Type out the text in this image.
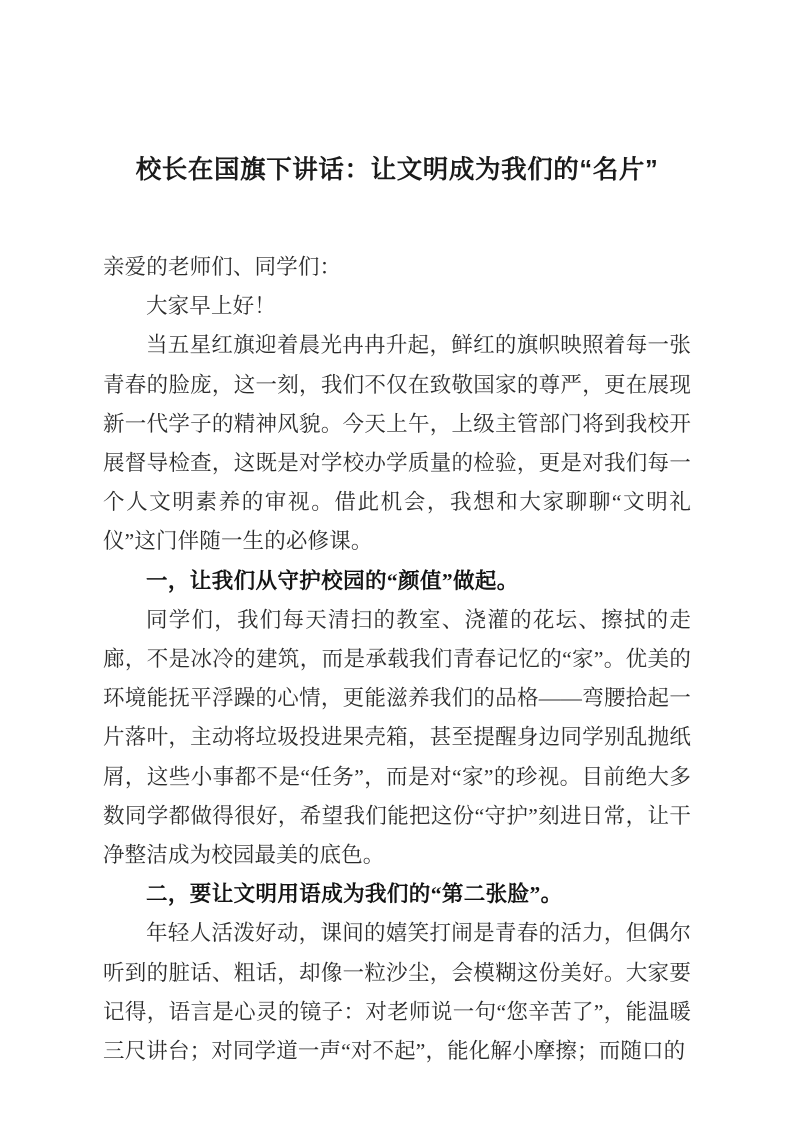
校长在国旗下讲话：让文明成为我们的“名片”

亲爱的老师们、同学们：

大家早上好！

当五星红旗迎着晨光冉冉升起，鲜红的旗帜映照着每一张青春的脸庞，这一刻，我们不仅在致敬国家的尊严，更在展现新一代学子的精神风貌。今天上午，上级主管部门将到我校开展督导检查，这既是对学校办学质量的检验，更是对我们每一个人文明素养的审视。借此机会，我想和大家聊聊“文明礼仪”这门伴随一生的必修课。

一，让我们从守护校园的“颜值”做起。

同学们，我们每天清扫的教室、浇灌的花坛、擦拭的走廊，不是冰冷的建筑，而是承载我们青春记忆的“家”。优美的环境能抚平浮躁的心情，更能滋养我们的品格——弯腰拾起一片落叶，主动将垃圾投进果壳箱，甚至提醒身边同学别乱抛纸屑，这些小事都不是“任务”，而是对“家”的珍视。目前绝大多数同学都做得很好，希望我们能把这份“守护”刻进日常，让干净整洁成为校园最美的底色。

二，要让文明用语成为我们的“第二张脸”。

年轻人活泼好动，课间的嬉笑打闹是青春的活力，但偶尔听到的脏话、粗话，却像一粒沙尘，会模糊这份美好。大家要记得，语言是心灵的镜子：对老师说一句“您辛苦了”，能温暖三尺讲台；对同学道一声“对不起”，能化解小摩擦；而随口的
